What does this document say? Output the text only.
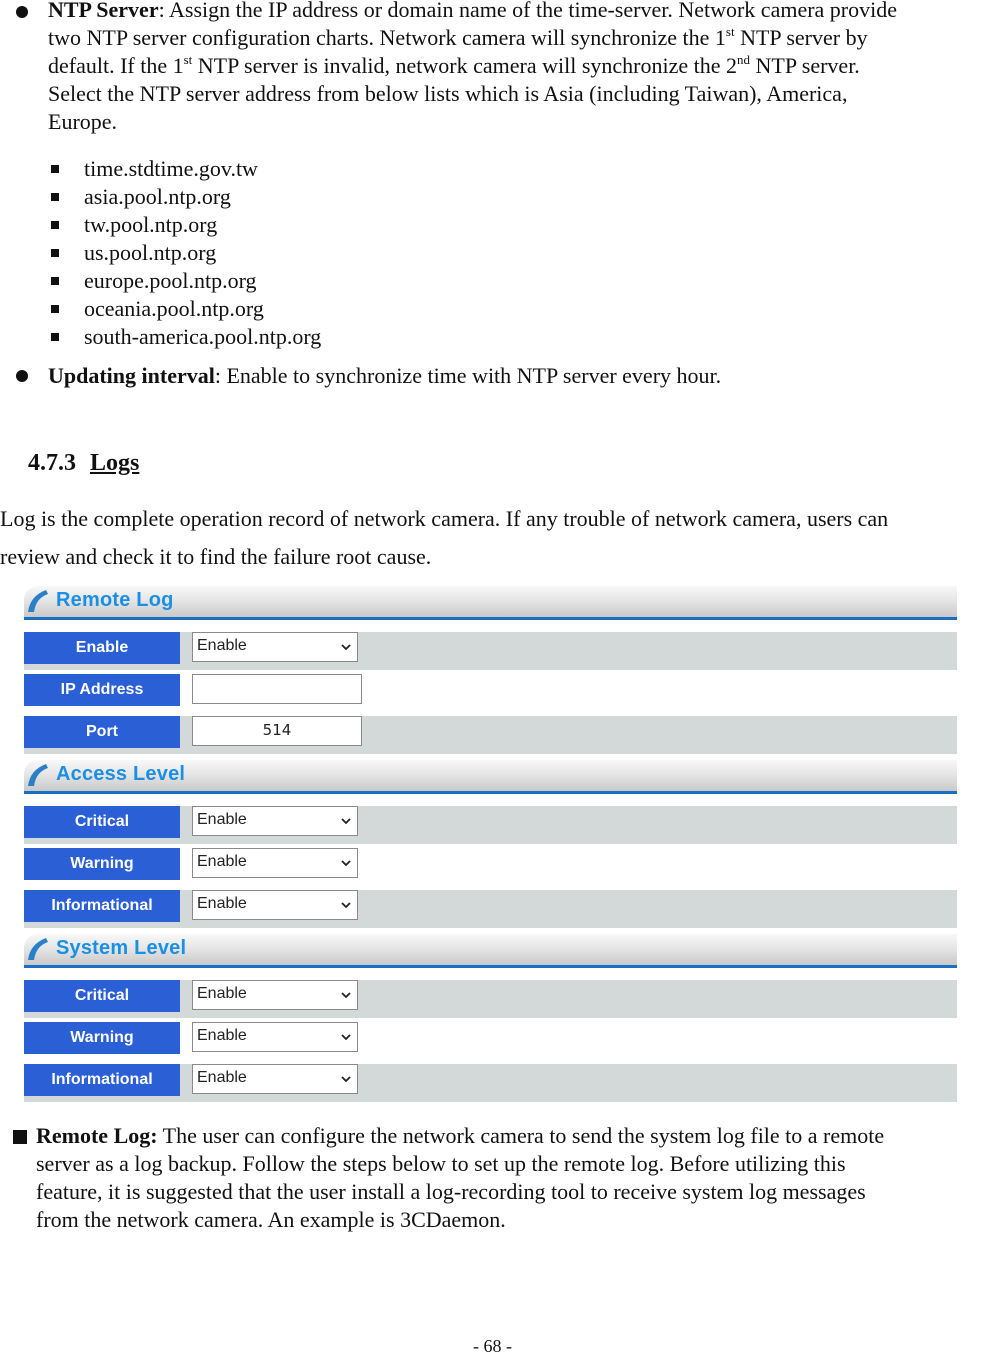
NTP Server: Assign the IP address or domain name of the time-server. Network camera provide
two NTP server configuration charts. Network camera will synchronize the 1st NTP server by
default. If the 1st NTP server is invalid, network camera will synchronize the 2nd NTP server.
Select the NTP server address from below lists which is Asia (including Taiwan), America,
Europe.
time.stdtime.gov.tw
asia.pool.ntp.org
tw.pool.ntp.org
us.pool.ntp.org
europe.pool.ntp.org
oceania.pool.ntp.org
south-america.pool.ntp.org
Updating interval: Enable to synchronize time with NTP server every hour.
4.7.3 Logs
Log is the complete operation record of network camera. If any trouble of network camera, users can
review and check it to find the failure root cause.
Remote Log
Enable	Enable
IP Address
Port	514
Access Level
Critical	Enable
Warning	Enable
Informational	Enable
System Level
Critical	Enable
Warning	Enable
Informational	Enable
Remote Log: The user can configure the network camera to send the system log file to a remote
server as a log backup. Follow the steps below to set up the remote log. Before utilizing this
feature, it is suggested that the user install a log-recording tool to receive system log messages
from the network camera. An example is 3CDaemon.
- 68 -
